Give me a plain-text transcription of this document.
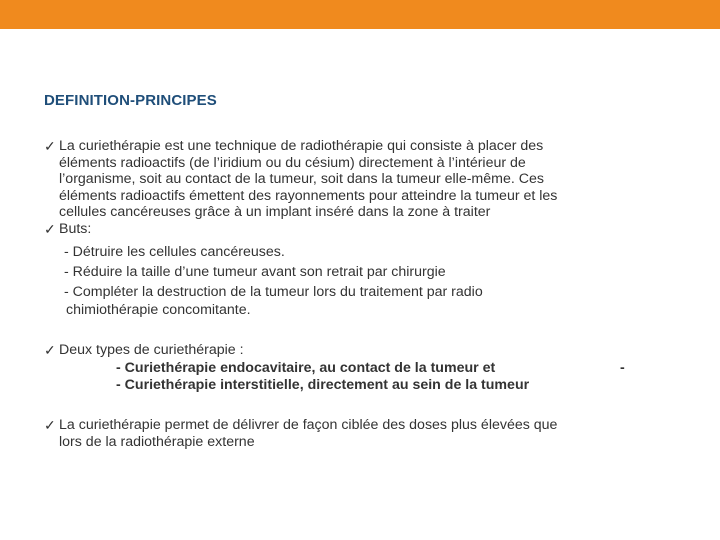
DEFINITION-PRINCIPES
✓ La curiethérapie est une technique de radiothérapie qui consiste à placer des
éléments radioactifs (de l’iridium ou du césium) directement à l’intérieur de
l’organisme, soit au contact de la tumeur, soit dans la tumeur elle-même. Ces
éléments radioactifs émettent des rayonnements pour atteindre la tumeur et les
cellules cancéreuses grâce à un implant inséré dans la zone à traiter
✓ Buts:
- Détruire les cellules cancéreuses.
- Réduire la taille d’une tumeur avant son retrait par chirurgie
- Compléter la destruction de la tumeur lors du traitement par radio
chimiothérapie concomitante.
✓ Deux types de curiethérapie :
- Curiethérapie endocavitaire, au contact de la tumeur et	-
- Curiethérapie interstitielle, directement au sein de la tumeur
✓ La curiethérapie permet de délivrer de façon ciblée des doses plus élevées que
lors de la radiothérapie externe
